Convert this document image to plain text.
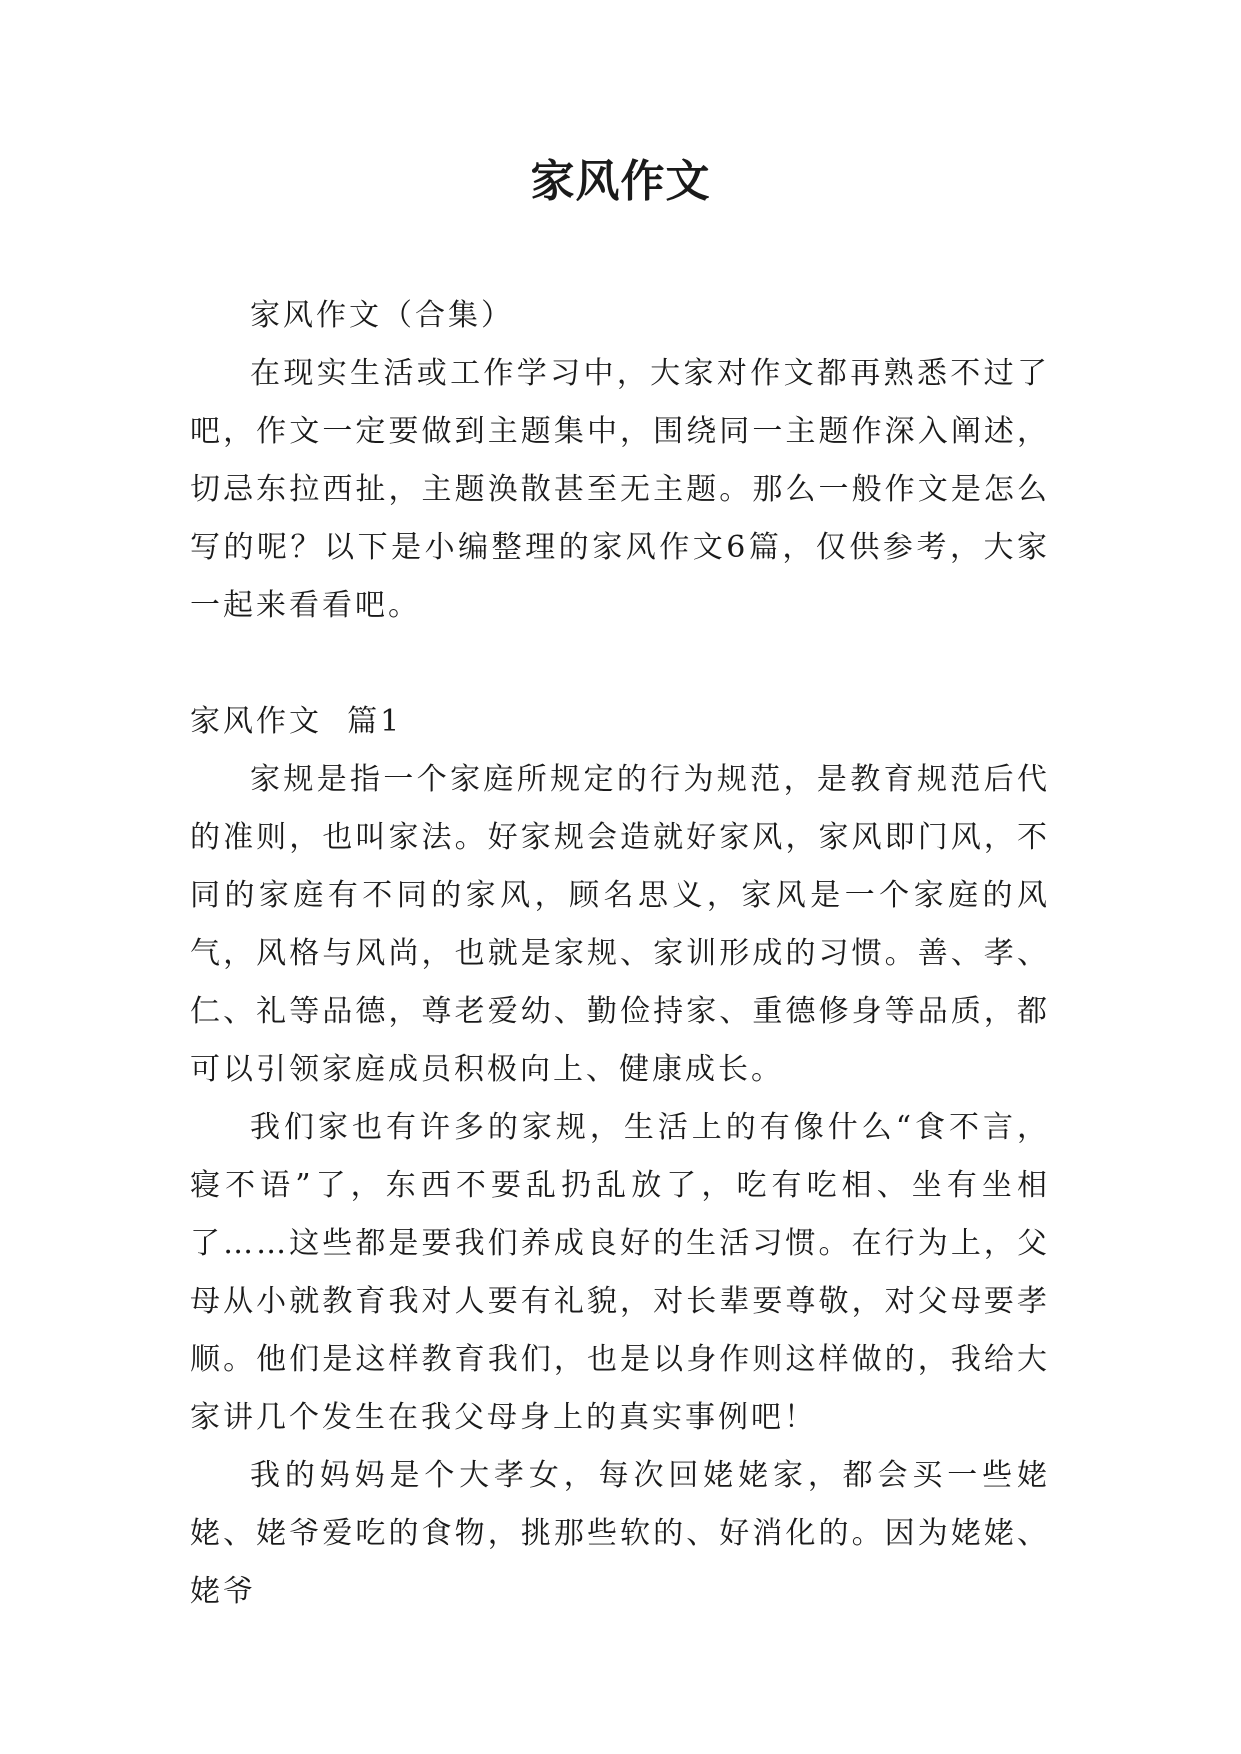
家风作文

家风作文（合集）

在现实生活或工作学习中，大家对作文都再熟悉不过了吧，作文一定要做到主题集中，围绕同一主题作深入阐述，切忌东拉西扯，主题涣散甚至无主题。那么一般作文是怎么写的呢？以下是小编整理的家风作文6篇，仅供参考，大家一起来看看吧。

家风作文  篇1

家规是指一个家庭所规定的行为规范，是教育规范后代的准则，也叫家法。好家规会造就好家风，家风即门风，不同的家庭有不同的家风，顾名思义，家风是一个家庭的风气，风格与风尚，也就是家规、家训形成的习惯。善、孝、仁、礼等品德，尊老爱幼、勤俭持家、重德修身等品质，都可以引领家庭成员积极向上、健康成长。

我们家也有许多的家规，生活上的有像什么“食不言，寝不语”了，东西不要乱扔乱放了，吃有吃相、坐有坐相了……这些都是要我们养成良好的生活习惯。在行为上，父母从小就教育我对人要有礼貌，对长辈要尊敬，对父母要孝顺。他们是这样教育我们，也是以身作则这样做的，我给大家讲几个发生在我父母身上的真实事例吧！

我的妈妈是个大孝女，每次回姥姥家，都会买一些姥姥、姥爷爱吃的食物，挑那些软的、好消化的。因为姥姥、姥爷
